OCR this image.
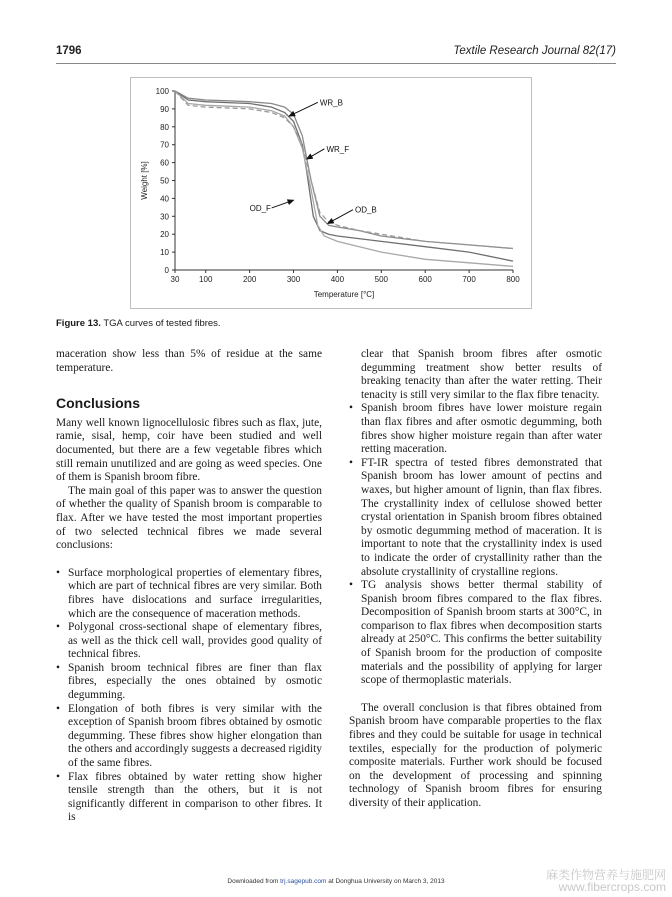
1796	Textile Research Journal 82(17)
0
10
20
30
40
50
60
70
80
90
100
30 100	200	300	400	500	600	700	800
Temperature [°C]
Weight [%]
WR_B
WR_F
OD_F	OD_B
Figure 13. TGA curves of tested fibres.

maceration show less than 5% of residue at the same temperature.

Conclusions

Many well known lignocellulosic fibres such as flax, jute, ramie, sisal, hemp, coir have been studied and well documented, but there are a few vegetable fibres which still remain unutilized and are going as weed species. One of them is Spanish broom fibre.

The main goal of this paper was to answer the question of whether the quality of Spanish broom is comparable to flax. After we have tested the most important properties of two selected technical fibres we made several conclusions:

• Surface morphological properties of elementary fibres, which are part of technical fibres are very similar. Both fibres have dislocations and surface irregularities, which are the consequence of maceration methods.
• Polygonal cross-sectional shape of elementary fibres, as well as the thick cell wall, provides good quality of technical fibres.
• Spanish broom technical fibres are finer than flax fibres, especially the ones obtained by osmotic degumming.
• Elongation of both fibres is very similar with the exception of Spanish broom fibres obtained by osmotic degumming. These fibres show higher elongation than the others and accordingly suggests a decreased rigidity of the same fibres.
• Flax fibres obtained by water retting show higher tensile strength than the others, but it is not significantly different in comparison to other fibres. It is

clear that Spanish broom fibres after osmotic degumming treatment show better results of breaking tenacity than after the water retting. Their tenacity is still very similar to the flax fibre tenacity.

• Spanish broom fibres have lower moisture regain than flax fibres and after osmotic degumming, both fibres show higher moisture regain than after water retting maceration.
• FT-IR spectra of tested fibres demonstrated that Spanish broom has lower amount of pectins and waxes, but higher amount of lignin, than flax fibres. The crystallinity index of cellulose showed better crystal orientation in Spanish broom fibres obtained by osmotic degumming method of maceration. It is important to note that the crystallinity index is used to indicate the order of crystallinity rather than the absolute crystallinity of crystalline regions.
• TG analysis shows better thermal stability of Spanish broom fibres compared to the flax fibres. Decomposition of Spanish broom starts at 300°C, in comparison to flax fibres when decomposition starts already at 250°C. This confirms the better suitability of Spanish broom for the production of composite materials and the possibility of applying for larger scope of thermoplastic materials.

The overall conclusion is that fibres obtained from Spanish broom have comparable properties to the flax fibres and they could be suitable for usage in technical textiles, especially for the production of polymeric composite materials. Further work should be focused on the development of processing and spinning technology of Spanish broom fibres for ensuring diversity of their application.

Downloaded from trj.sagepub.com at Donghua University on March 3, 2013	麻类作物营养与施肥网
www.fibercrops.com
